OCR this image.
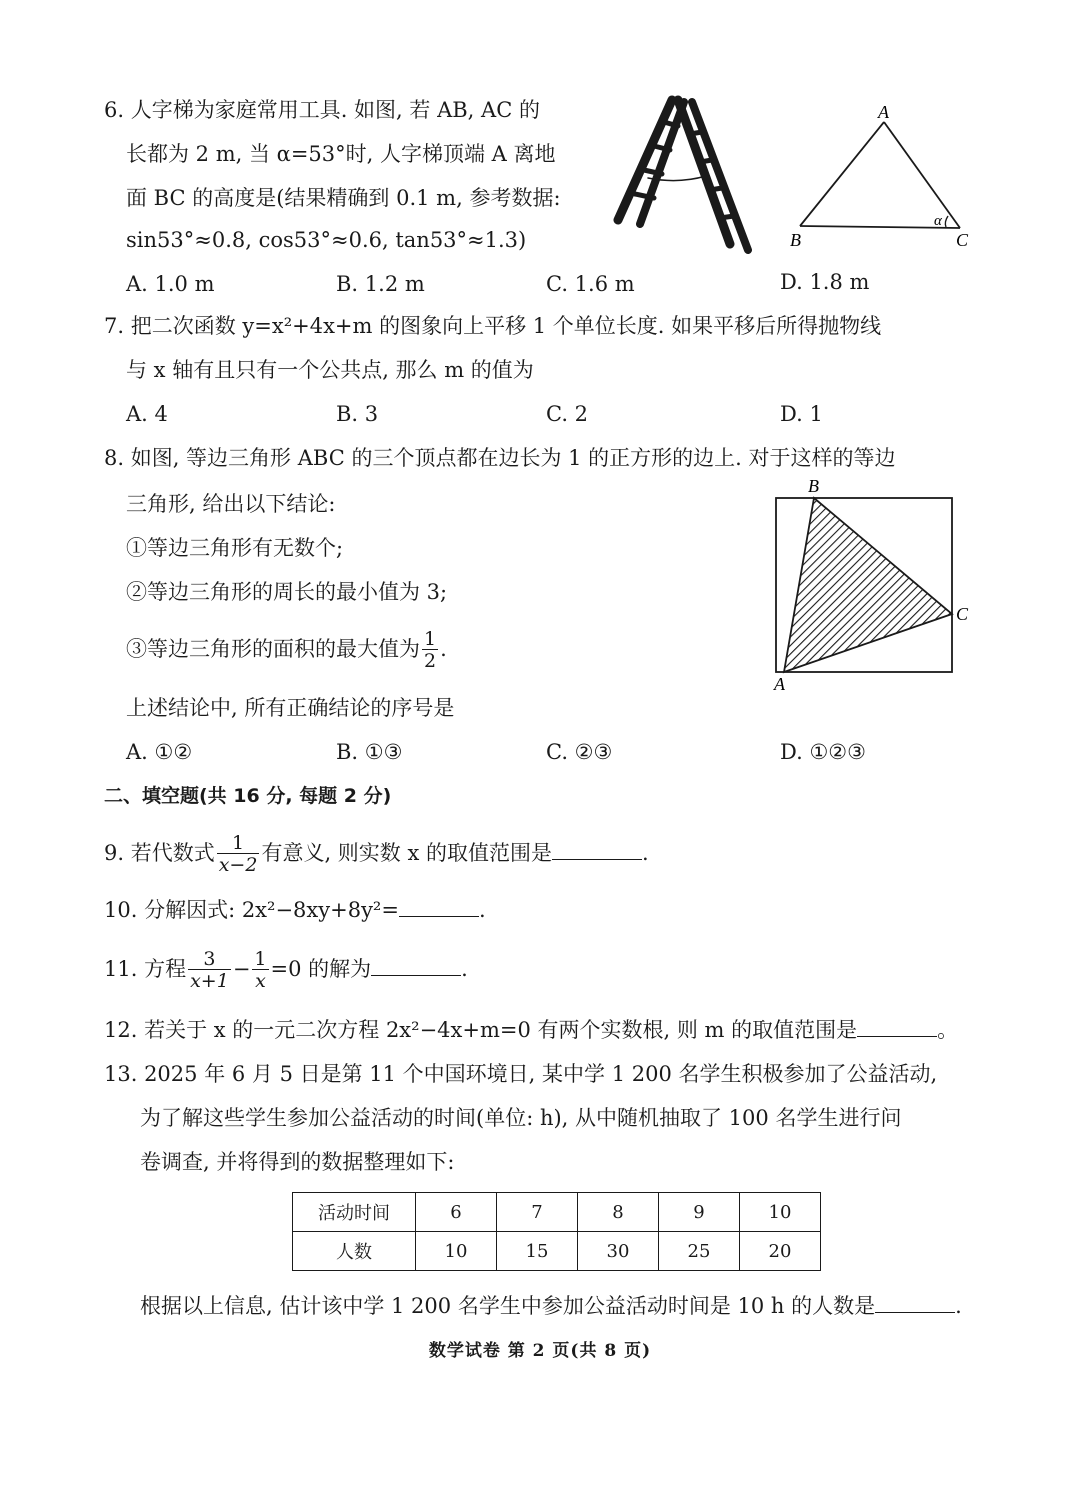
6. 人字梯为家庭常用工具. 如图, 若 AB, AC 的
长都为 2 m, 当 α=53°时, 人字梯顶端 A 离地
面 BC 的高度是(结果精确到 0.1 m, 参考数据:
sin53°≈0.8, cos53°≈0.6, tan53°≈1.3)
A
B	C
α
A. 1.0 m	B. 1.2 m	C. 1.6 m	D. 1.8 m
7. 把二次函数 y=x²+4x+m 的图象向上平移 1 个单位长度. 如果平移后所得抛物线
与 x 轴有且只有一个公共点, 那么 m 的值为
A. 4	B. 3	C. 2	D. 1
8. 如图, 等边三角形 ABC 的三个顶点都在边长为 1 的正方形的边上. 对于这样的等边
三角形, 给出以下结论:
①等边三角形有无数个;
②等边三角形的周长的最小值为 3;
③等边三角形的面积的最大值为 $\frac{1}{2}$ .
B
C
A
上述结论中, 所有正确结论的序号是
A. ①②	B. ①③	C. ②③	D. ①②③
二、填空题(共 16 分, 每题 2 分)
9. 若代数式 $\frac{1}{x-2}$ 有意义, 则实数 x 的取值范围是	.
10. 分解因式: 2x²−8xy+8y²=	.
11. 方程 $\frac{3}{x+1} - \frac{1}{x} =0$ 的解为	.
12. 若关于 x 的一元二次方程 2x²−4x+m=0 有两个实数根, 则 m 的取值范围是	。
13. 2025 年 6 月 5 日是第 11 个中国环境日, 某中学 1 200 名学生积极参加了公益活动,
为了解这些学生参加公益活动的时间(单位: h), 从中随机抽取了 100 名学生进行问
卷调查, 并将得到的数据整理如下:
活动时间	6	7	8	9	10
人数	10	15	30	25	20
根据以上信息, 估计该中学 1 200 名学生中参加公益活动时间是 10 h 的人数是	.
数学试卷 第 2 页(共 8 页)
